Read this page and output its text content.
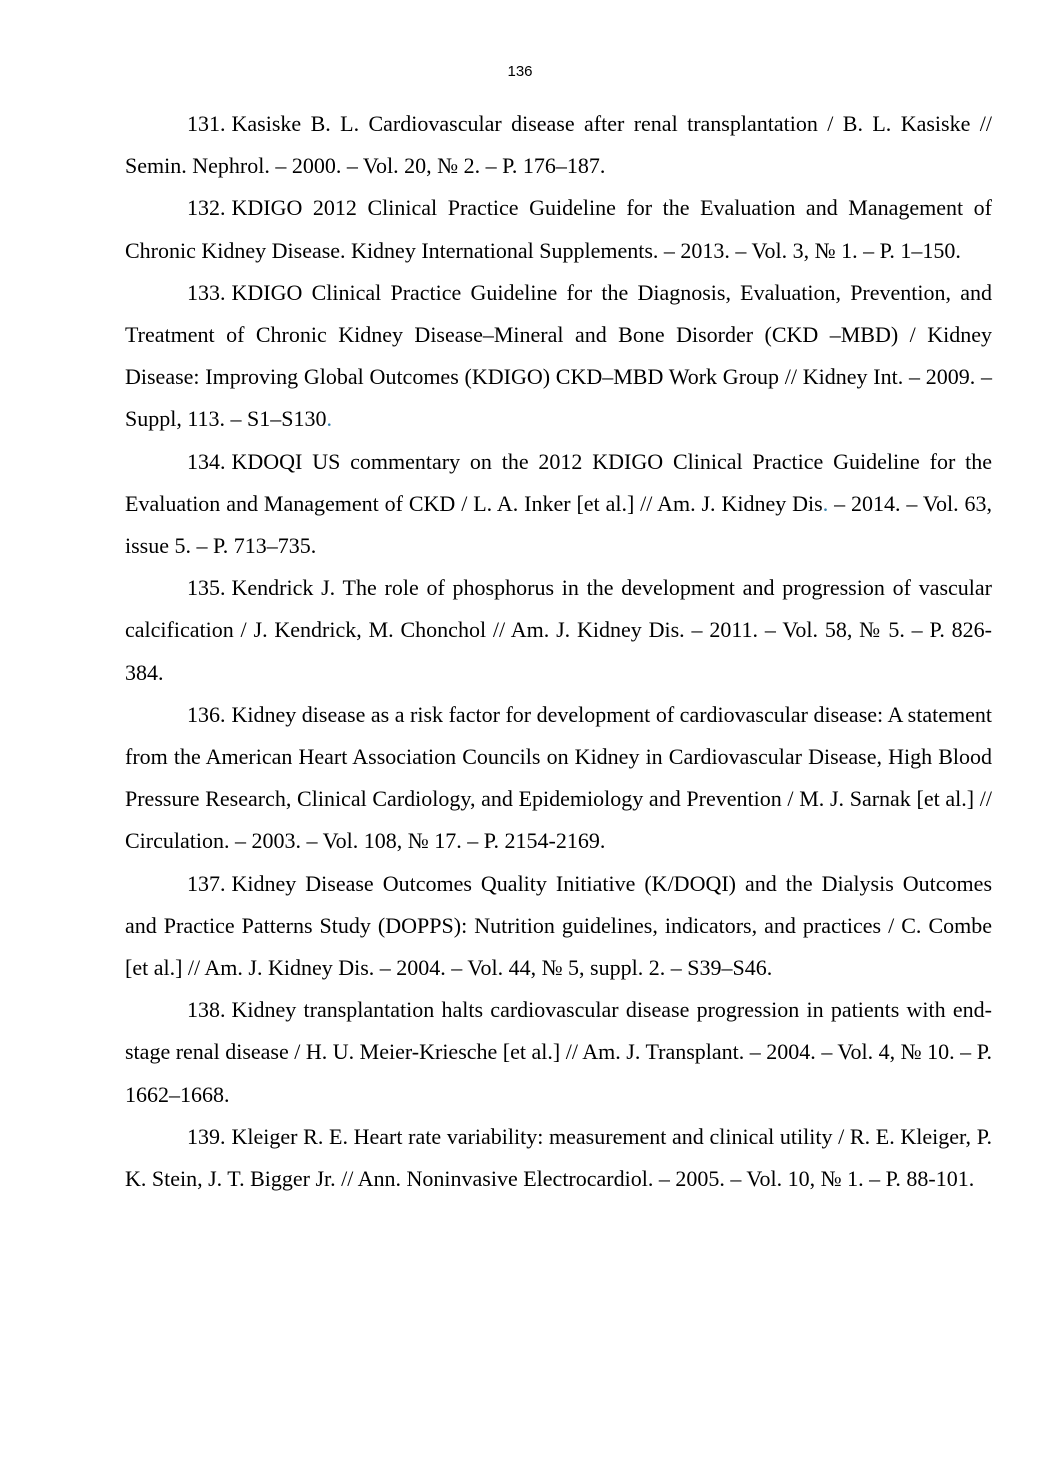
136

131. Kasiske B. L. Cardiovascular disease after renal transplantation / B. L. Kasiske // Semin. Nephrol. – 2000. – Vol. 20, № 2. – P. 176–187.

132. KDIGO 2012 Clinical Practice Guideline for the Evaluation and Management of Chronic Kidney Disease. Kidney International Supplements. – 2013. – Vol. 3, № 1. – P. 1–150.

133. KDIGO Clinical Practice Guideline for the Diagnosis, Evaluation, Prevention, and Treatment of Chronic Kidney Disease–Mineral and Bone Disorder (CKD –MBD) / Kidney Disease: Improving Global Outcomes (KDIGO) CKD–MBD Work Group // Kidney Int. – 2009. – Suppl, 113. – S1–S130.

134. KDOQI US commentary on the 2012 KDIGO Clinical Practice Guideline for the Evaluation and Management of CKD / L. A. Inker [et al.] // Am. J. Kidney Dis. – 2014. – Vol. 63, issue 5. – P. 713–735.

135. Kendrick J. The role of phosphorus in the development and progression of vascular calcification / J. Kendrick, M. Chonchol // Am. J. Kidney Dis. – 2011. – Vol. 58, № 5. – P. 826-384.

136. Kidney disease as a risk factor for development of cardiovascular disease: A statement from the American Heart Association Councils on Kidney in Cardiovascular Disease, High Blood Pressure Research, Clinical Cardiology, and Epidemiology and Prevention / M. J. Sarnak [et al.] // Circulation. – 2003. – Vol. 108, № 17. – P. 2154-2169.

137. Kidney Disease Outcomes Quality Initiative (K/DOQI) and the Dialysis Outcomes and Practice Patterns Study (DOPPS): Nutrition guidelines, indicators, and practices / C. Combe [et al.] // Am. J. Kidney Dis. – 2004. – Vol. 44, № 5, suppl. 2. – S39–S46.

138. Kidney transplantation halts cardiovascular disease progression in patients with end-stage renal disease / H. U. Meier-Kriesche [et al.] // Am. J. Transplant. – 2004. – Vol. 4, № 10. – P. 1662–1668.

139. Kleiger R. E. Heart rate variability: measurement and clinical utility / R. E. Kleiger, P. K. Stein, J. T. Bigger Jr. // Ann. Noninvasive Electrocardiol. – 2005. – Vol. 10, № 1. – P. 88-101.
